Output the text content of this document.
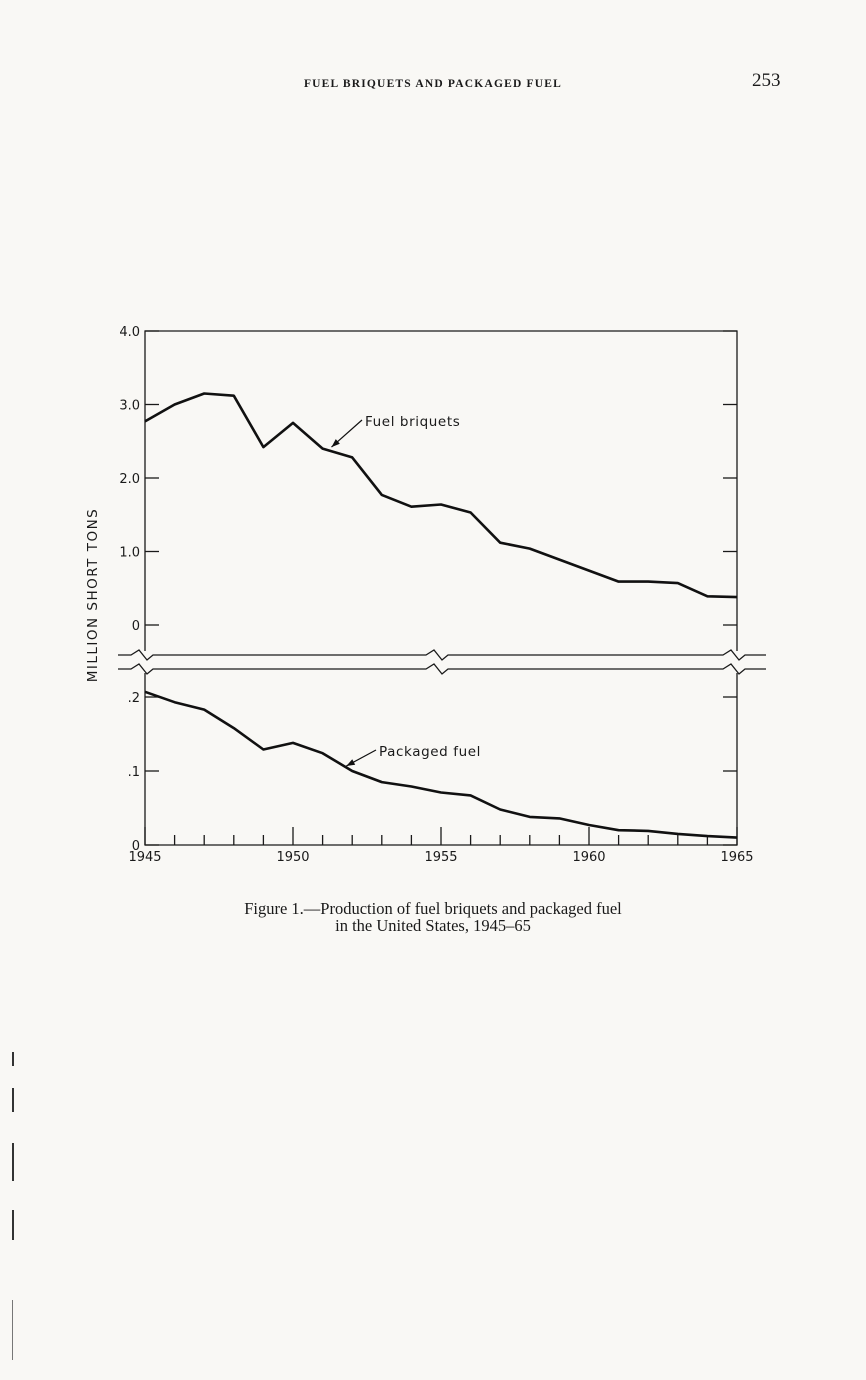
FUEL BRIQUETS AND PACKAGED FUEL	253
0
1.0
2.0
3.0
4.0
0
.1
.2
1945	1950	1955	1960	1965
Fuel briquets
Packaged fuel
MILLION SHORT TONS
Figure 1.—Production of fuel briquets and packaged fuel
in the United States, 1945–65
